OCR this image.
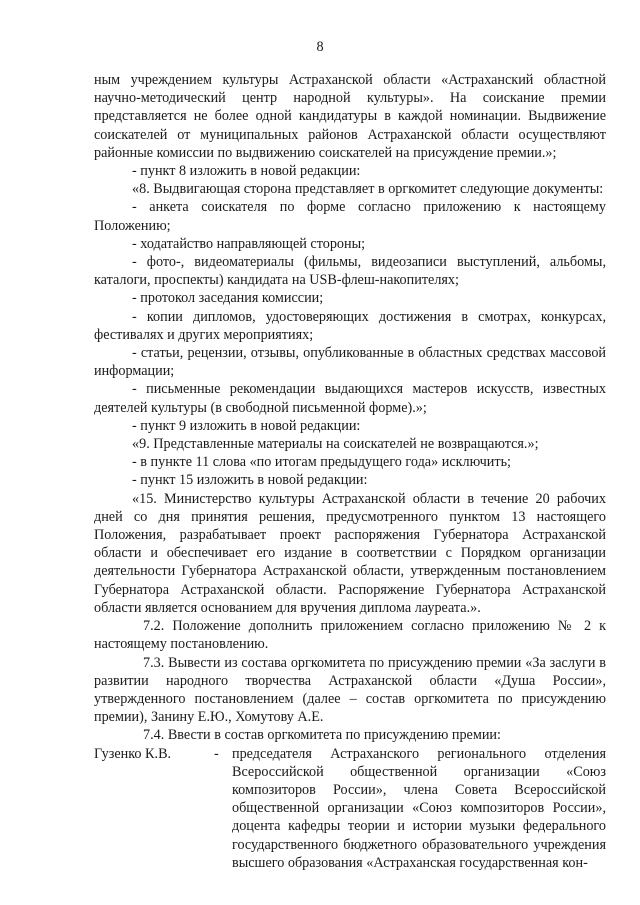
8

ным учреждением культуры Астраханской области «Астраханский областной научно-методический центр народной культуры». На соискание премии представляется не более одной кандидатуры в каждой номинации. Выдвижение соискателей от муниципальных районов Астраханской области осуществляют районные комиссии по выдвижению соискателей на присуждение премии.»;

- пункт 8 изложить в новой редакции:

«8. Выдвигающая сторона представляет в оргкомитет следующие документы:

- анкета соискателя по форме согласно приложению к настоящему Положению;

- ходатайство направляющей стороны;

- фото-, видеоматериалы (фильмы, видеозаписи выступлений, альбомы, каталоги, проспекты) кандидата на USB-флеш-накопителях;

- протокол заседания комиссии;

- копии дипломов, удостоверяющих достижения в смотрах, конкурсах, фестивалях и других мероприятиях;

- статьи, рецензии, отзывы, опубликованные в областных средствах массовой информации;

- письменные рекомендации выдающихся мастеров искусств, известных деятелей культуры (в свободной письменной форме).»;

- пункт 9 изложить в новой редакции:

«9. Представленные материалы на соискателей не возвращаются.»;

- в пункте 11 слова «по итогам предыдущего года» исключить;

- пункт 15 изложить в новой редакции:

«15. Министерство культуры Астраханской области в течение 20 рабочих дней со дня принятия решения, предусмотренного пунктом 13 настоящего Положения, разрабатывает проект распоряжения Губернатора Астраханской области и обеспечивает его издание в соответствии с Порядком организации деятельности Губернатора Астраханской области, утвержденным постановлением Губернатора Астраханской области. Распоряжение Губернатора Астраханской области является основанием для вручения диплома лауреата.».

7.2. Положение дополнить приложением согласно приложению № 2 к настоящему постановлению.

7.3. Вывести из состава оргкомитета по присуждению премии «За заслуги в развитии народного творчества Астраханской области «Душа России», утвержденного постановлением (далее – состав оргкомитета по присуждению премии), Занину Е.Ю., Хомутову А.Е.

7.4. Ввести в состав оргкомитета по присуждению премии:

Гузенко К.В.	- председателя Астраханского регионального отделения Всероссийской общественной организации «Союз композиторов России», члена Совета Всероссийской общественной организации «Союз композиторов России», доцента кафедры теории и истории музыки федерального государственного бюджетного образовательного учреждения высшего образования «Астраханская государственная кон-
